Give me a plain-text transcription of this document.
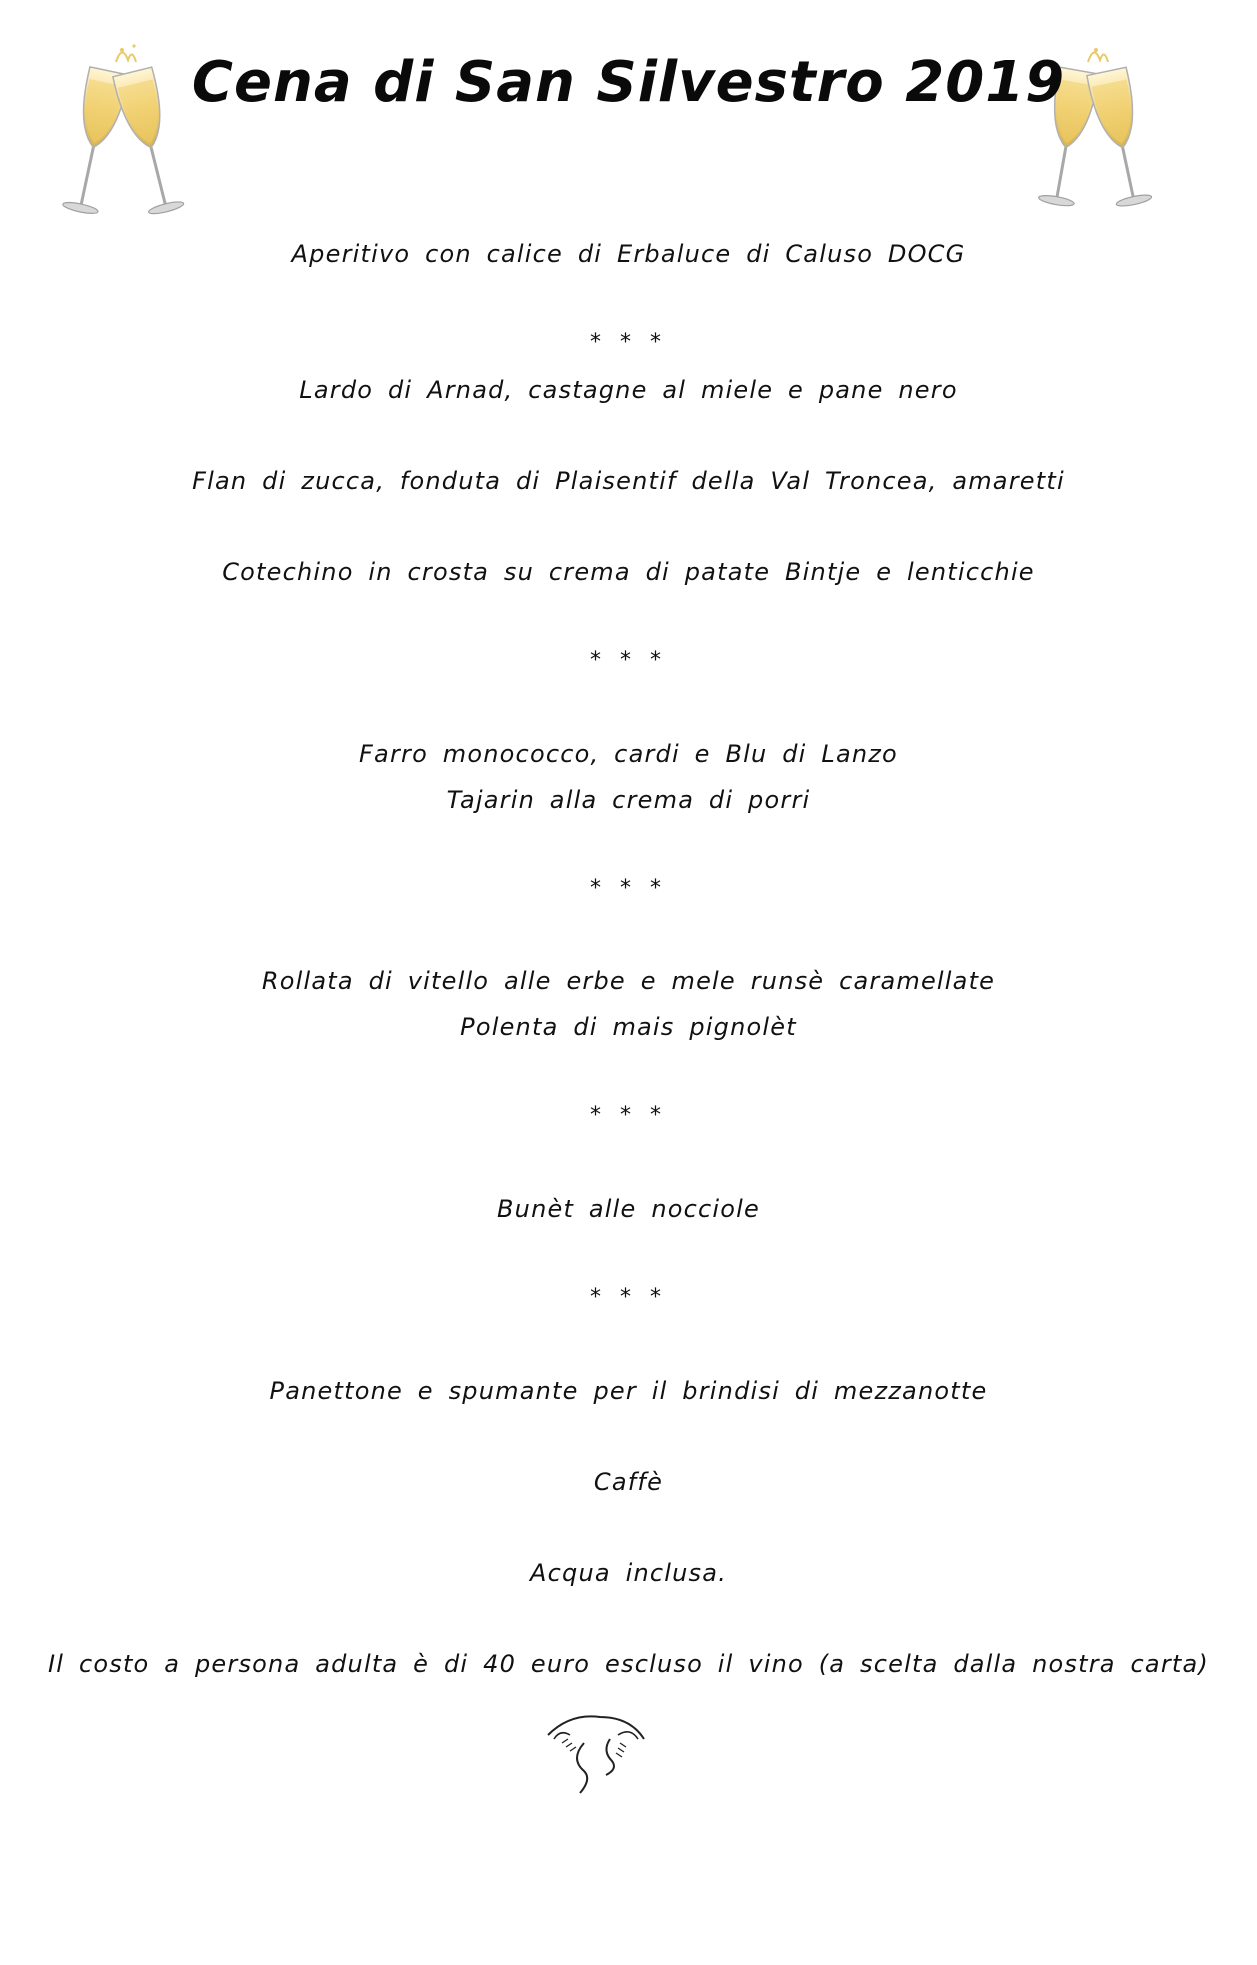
Cena di San Silvestro 2019
Aperitivo con calice di Erbaluce di Caluso DOCG
* * *
Lardo di Arnad, castagne al miele e pane nero
Flan di zucca, fonduta di Plaisentif della Val Troncea, amaretti
Cotechino in crosta su crema di patate Bintje e lenticchie
* * *
Farro monococco, cardi e Blu di Lanzo
Tajarin alla crema di porri
* * *
Rollata di vitello alle erbe e mele runsè caramellate
Polenta di mais pignolèt
* * *
Bunèt alle nocciole
* * *
Panettone e spumante per il brindisi di mezzanotte
Caffè
Acqua inclusa.
Il costo a persona adulta è di 40 euro escluso il vino (a scelta dalla nostra carta)
